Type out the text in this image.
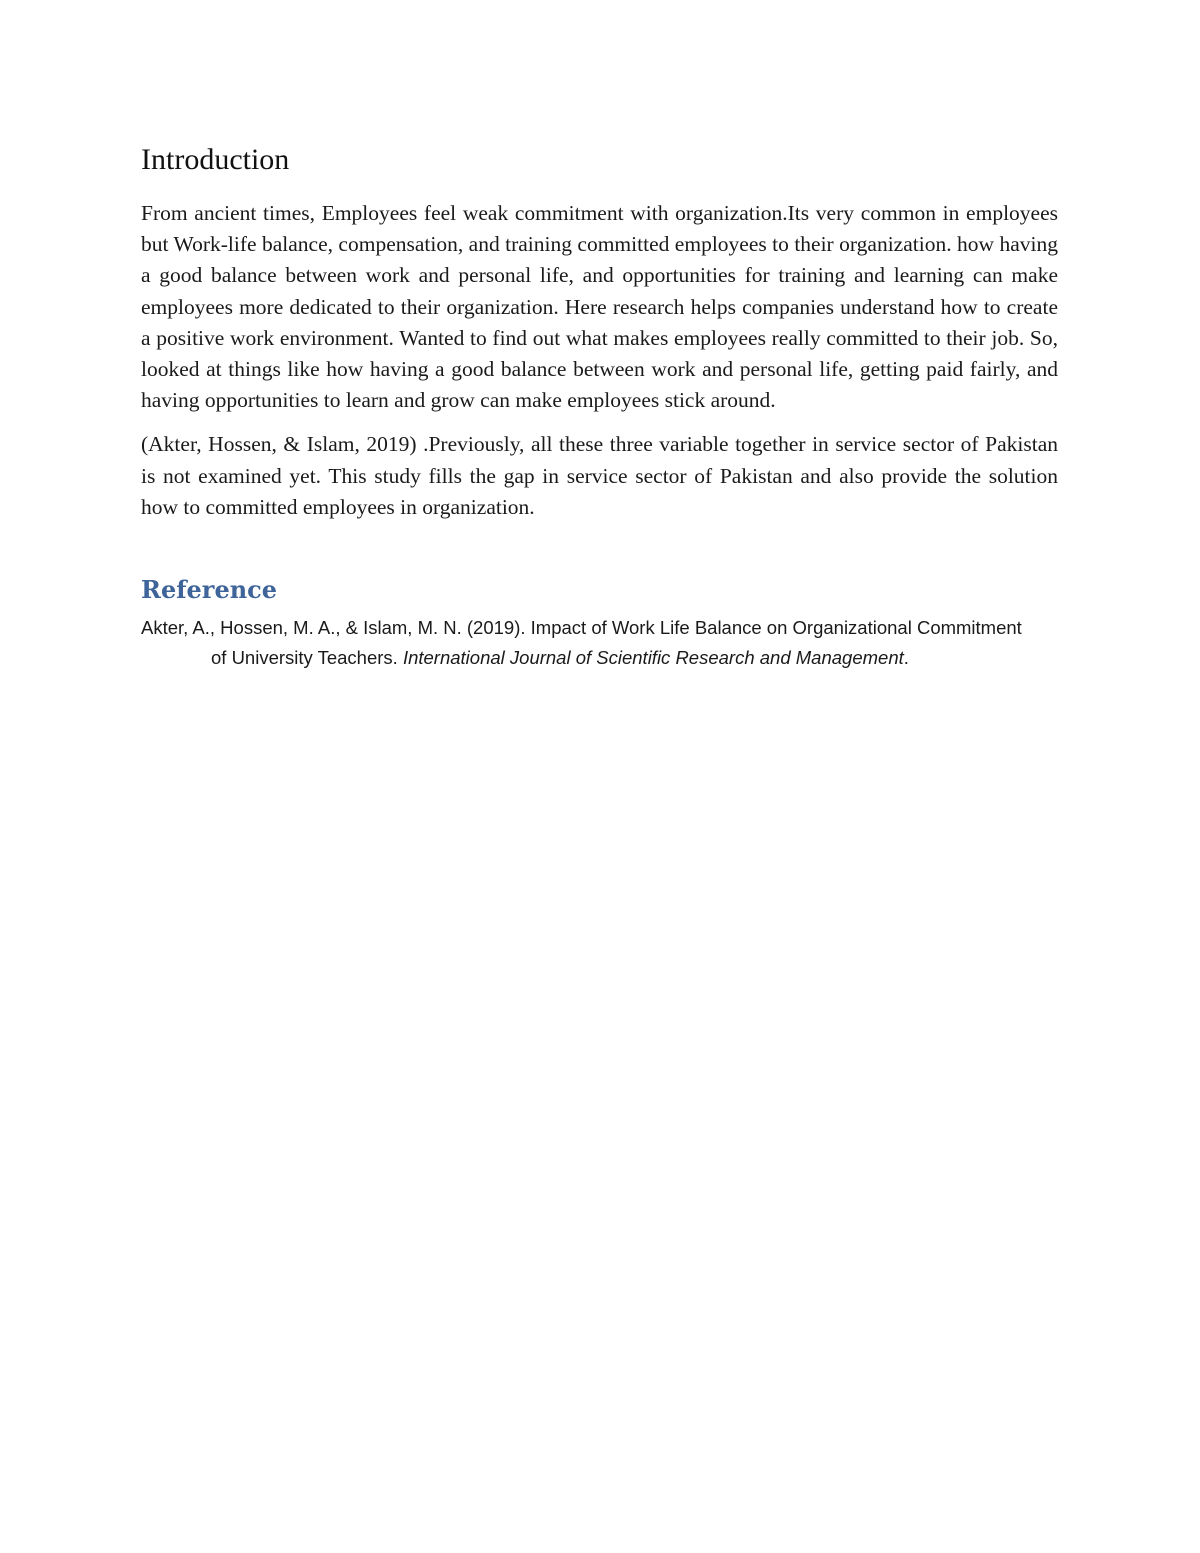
Introduction

From ancient times, Employees feel weak commitment with organization.Its very common in employees but Work-life balance, compensation, and training committed employees to their organization. how having a good balance between work and personal life, and opportunities for training and learning can make employees more dedicated to their organization. Here research helps companies understand how to create a positive work environment. Wanted to find out what makes employees really committed to their job. So, looked at things like how having a good balance between work and personal life, getting paid fairly, and having opportunities to learn and grow can make employees stick around.

(Akter, Hossen, & Islam, 2019) .Previously, all these three variable together in service sector of Pakistan is not examined yet. This study fills the gap in service sector of Pakistan and also provide the solution how to committed employees in organization.

Reference

Akter, A., Hossen, M. A., & Islam, M. N. (2019). Impact of Work Life Balance on Organizational Commitment of University Teachers. International Journal of Scientific Research and Management.
